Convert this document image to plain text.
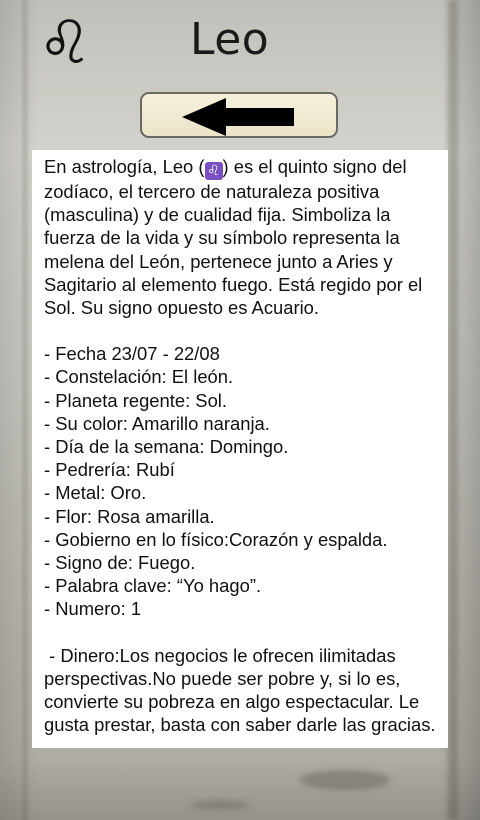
♌	Leo

En astrología, Leo ( ♌ ) es el quinto signo del zodíaco, el tercero de naturaleza positiva (masculina) y de cualidad fija. Simboliza la fuerza de la vida y su símbolo representa la melena del León, pertenece junto a Aries y Sagitario al elemento fuego. Está regido por el Sol. Su signo opuesto es Acuario.

- Fecha 23/07 - 22/08
- Constelación: El león.
- Planeta regente: Sol.
- Su color: Amarillo naranja.
- Día de la semana: Domingo.
- Pedrería: Rubí
- Metal: Oro.
- Flor: Rosa amarilla.
- Gobierno en lo físico:Corazón y espalda.
- Signo de: Fuego.
- Palabra clave: “Yo hago”.
- Numero: 1

- Dinero:Los negocios le ofrecen ilimitadas perspectivas.No puede ser pobre y, si lo es, convierte su pobreza en algo espectacular. Le gusta prestar, basta con saber darle las gracias.
